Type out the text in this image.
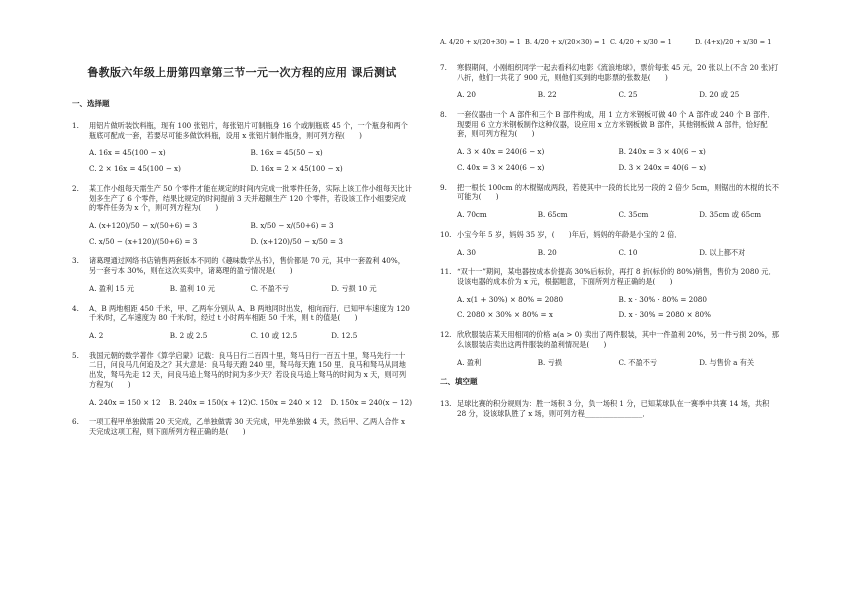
鲁教版六年级上册第四章第三节一元一次方程的应用 课后测试
一、选择题
1.	用铝片做听装饮料瓶，现有 100 张铝片，每张铝片可制瓶身 16 个或制瓶底 45 个，一个瓶身和两个瓶底可配成一套，若要尽可能多做饮料瓶，设用 x 张铝片制作瓶身，则可列方程(　　)
A. 16x = 45(100 − x)	B. 16x = 45(50 − x)
C. 2 × 16x = 45(100 − x)	D. 16x = 2 × 45(100 − x)
2.	某工作小组每天需生产 50 个零件才能在规定的时间内完成一批零件任务，实际上该工作小组每天比计划多生产了 6 个零件，结果比规定的时间提前 3 天并超额生产 120 个零件，若设该工作小组要完成的零件任务为 x 个，则可列方程为(　　)
A. (x+120)/50 − x/(50+6) = 3	B. x/50 − x/(50+6) = 3
C. x/50 − (x+120)/(50+6) = 3	D. (x+120)/50 − x/50 = 3
3.	诸葛理通过网络书店销售两套版本不同的《趣味数学丛书》，售价都是 70 元，其中一套盈利 40%，另一套亏本 30%，则在这次买卖中，诸葛理的盈亏情况是(　　)
A. 盈利 15 元	B. 盈利 10 元	C. 不盈不亏	D. 亏损 10 元
4.	A、B 两地相距 450 千米，甲、乙两车分别从 A、B 两地同时出发，相向而行．已知甲车速度为 120 千米/时，乙车速度为 80 千米/时，经过 t 小时两车相距 50 千米，则 t 的值是(　　)
A. 2	B. 2 或 2.5	C. 10 或 12.5	D. 12.5
5.	我国元朝的数学著作《算学启蒙》记载：良马日行二百四十里，驽马日行一百五十里，驽马先行一十二日，问良马几何追及之？其大意是：良马每天跑 240 里，驽马每天跑 150 里．良马和驽马从同地出发，驽马先走 12 天，问良马追上驽马的时间为多少天？若设良马追上驽马的时间为 x 天，则可列方程为(　　)
A. 240x = 150 × 12	B. 240x = 150(x + 12) C. 150x = 240 × 12	D. 150x = 240(x − 12)
6.	一项工程甲单独做需 20 天完成，乙单独做需 30 天完成，甲先单独做 4 天，然后甲、乙两人合作 x 天完成这项工程，则下面所列方程正确的是(　　)
A. 4/20 + x/(20+30) = 1 B. 4/20 + x/(20×30) = 1 C. 4/20 + x/30 = 1	D. (4+x)/20 + x/30 = 1
7.	寒假期间，小刚组织同学一起去看科幻电影《流浪地球》，票价每张 45 元，20 张以上(不含 20 张)打八折，他们一共花了 900 元，则他们买到的电影票的张数是(　　)
A. 20	B. 22	C. 25	D. 20 或 25
8.	一套仪器由一个 A 部件和三个 B 部件构成，用 1 立方米钢板可做 40 个 A 部件或 240 个 B 部件．现要用 6 立方米钢板制作这种仪器，设应用 x 立方米钢板做 B 部件，其他钢板做 A 部件，恰好配套，则可列方程为(　　)
A. 3 × 40x = 240(6 − x)	B. 240x = 3 × 40(6 − x)
C. 40x = 3 × 240(6 − x)	D. 3 × 240x = 40(6 − x)
9.	把一根长 100cm 的木棍锯成两段，若使其中一段的长比另一段的 2 倍少 5cm，则锯出的木棍的长不可能为(　　)
A. 70cm	B. 65cm	C. 35cm	D. 35cm 或 65cm
10. 小宝今年 5 岁，妈妈 35 岁，(　　)年后，妈妈的年龄是小宝的 2 倍．
A. 30	B. 20	C. 10	D. 以上都不对
11. “双十一”期间，某电器按成本价提高 30%后标价，再打 8 折(标价的 80%)销售，售价为 2080 元．设该电器的成本价为 x 元，根据题意，下面所列方程正确的是(　　)
A. x(1 + 30%) × 80% = 2080	B. x · 30% · 80% = 2080
C. 2080 × 30% × 80% = x	D. x · 30% = 2080 × 80%
12. 欣欣服装店某天用相同的价格 a(a > 0) 卖出了两件服装，其中一件盈利 20%，另一件亏损 20%，那么该服装店卖出这两件服装的盈利情况是(　　)
A. 盈利	B. 亏损	C. 不盈不亏	D. 与售价 a 有关
二、填空题
13. 足球比赛的积分规则为：胜一场积 3 分，负一场积 1 分，已知某球队在一赛季中共赛 14 场，共积 28 分，设该球队胜了 x 场，则可列方程________________．
